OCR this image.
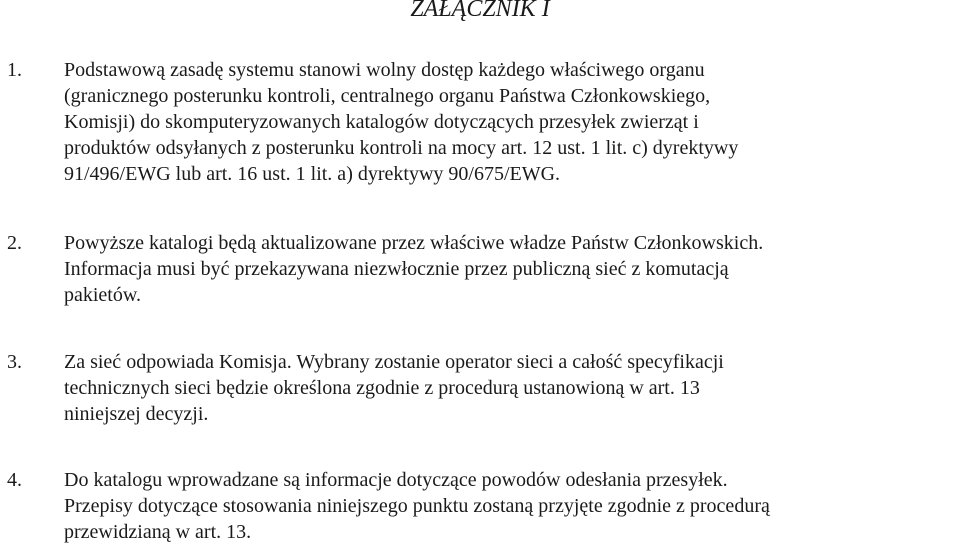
ZAŁĄCZNIK I
1. Podstawową zasadę systemu stanowi wolny dostęp każdego właściwego organu
(granicznego posterunku kontroli, centralnego organu Państwa Członkowskiego,
Komisji) do skomputeryzowanych katalogów dotyczących przesyłek zwierząt i
produktów odsyłanych z posterunku kontroli na mocy art. 12 ust. 1 lit. c) dyrektywy
91/496/EWG lub art. 16 ust. 1 lit. a) dyrektywy 90/675/EWG.

2. Powyższe katalogi będą aktualizowane przez właściwe władze Państw Członkowskich.
Informacja musi być przekazywana niezwłocznie przez publiczną sieć z komutacją
pakietów.

3. Za sieć odpowiada Komisja. Wybrany zostanie operator sieci a całość specyfikacji
technicznych sieci będzie określona zgodnie z procedurą ustanowioną w art. 13
niniejszej decyzji.

4. Do katalogu wprowadzane są informacje dotyczące powodów odesłania przesyłek.
Przepisy dotyczące stosowania niniejszego punktu zostaną przyjęte zgodnie z procedurą
przewidzianą w art. 13.
